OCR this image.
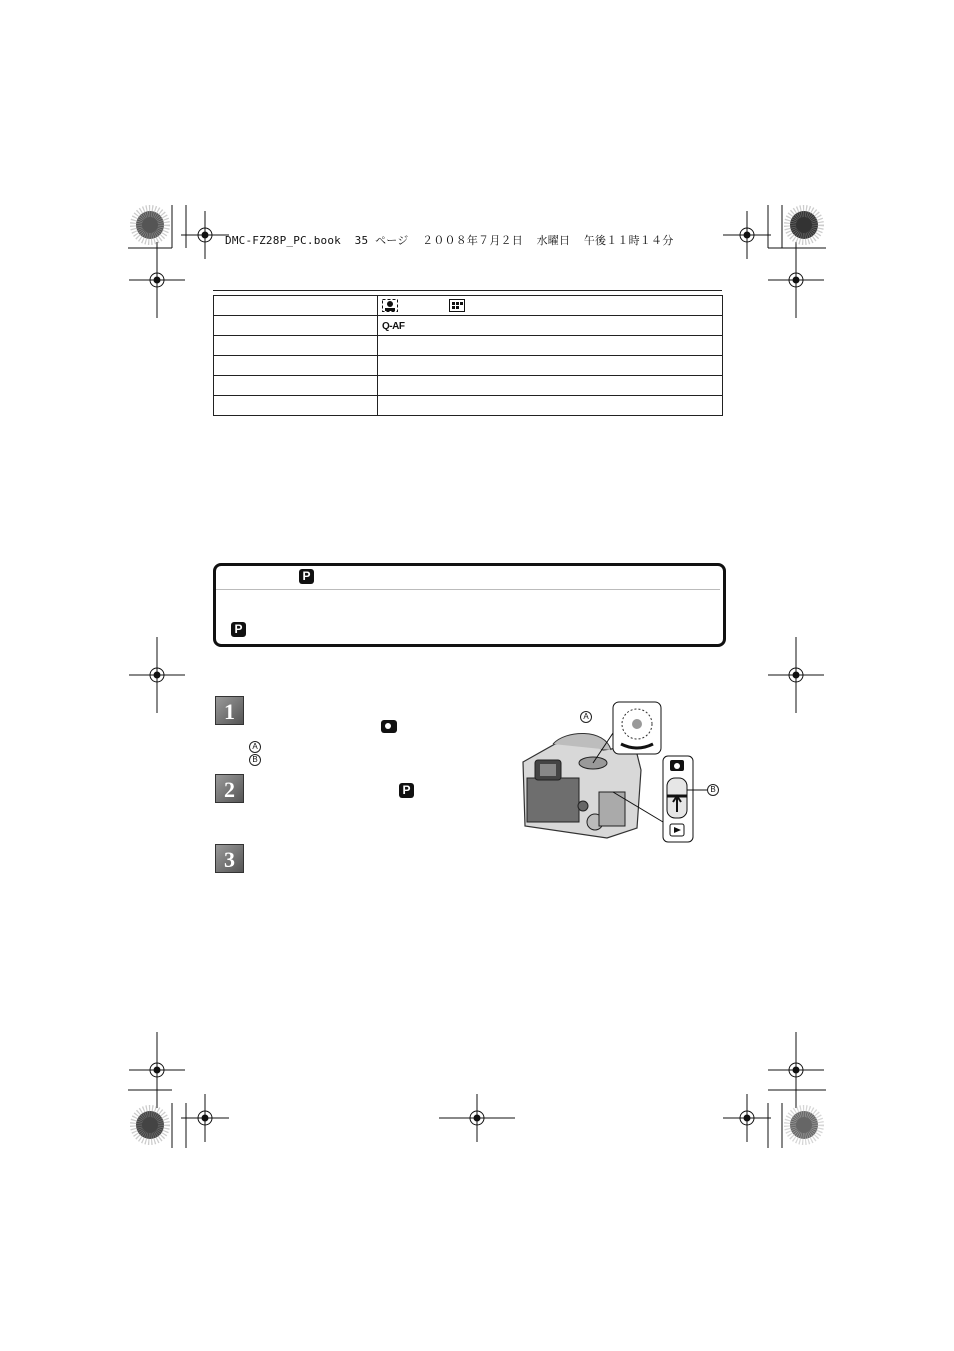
DMC-FZ28P_PC.book  35 ページ  ２００８年７月２日  水曜日  午後１１時１４分

	Q-AF

P
P
1
A
B
2	P
3
A
B
